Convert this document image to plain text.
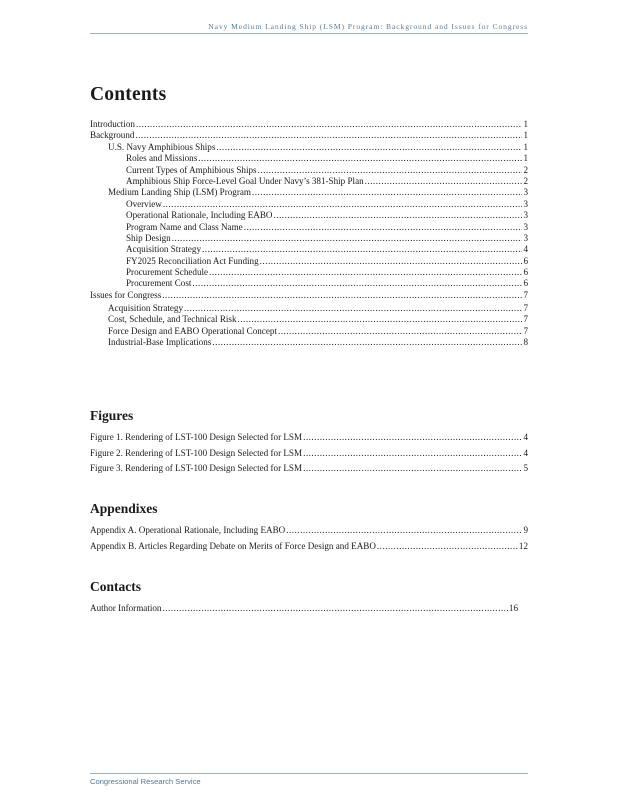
Navy Medium Landing Ship (LSM) Program: Background and Issues for Congress
Contents
Introduction .....	1
Background .....	1
U.S. Navy Amphibious Ships .....	1
Roles and Missions .....	1
Current Types of Amphibious Ships .....	2
Amphibious Ship Force-Level Goal Under Navy’s 381-Ship Plan .....	2
Medium Landing Ship (LSM) Program .....	3
Overview .....	3
Operational Rationale, Including EABO .....	3
Program Name and Class Name .....	3
Ship Design .....	3
Acquisition Strategy .....	4
FY2025 Reconciliation Act Funding .....	6
Procurement Schedule .....	6
Procurement Cost .....	6
Issues for Congress .....	7
Acquisition Strategy .....	7
Cost, Schedule, and Technical Risk .....	7
Force Design and EABO Operational Concept .....	7
Industrial-Base Implications .....	8
Figures
Figure 1. Rendering of LST-100 Design Selected for LSM .....	4
Figure 2. Rendering of LST-100 Design Selected for LSM .....	4
Figure 3. Rendering of LST-100 Design Selected for LSM .....	5
Appendixes
Appendix A. Operational Rationale, Including EABO .....	9
Appendix B. Articles Regarding Debate on Merits of Force Design and EABO .....	12
Contacts
Author Information .....	16
Congressional Research Service
